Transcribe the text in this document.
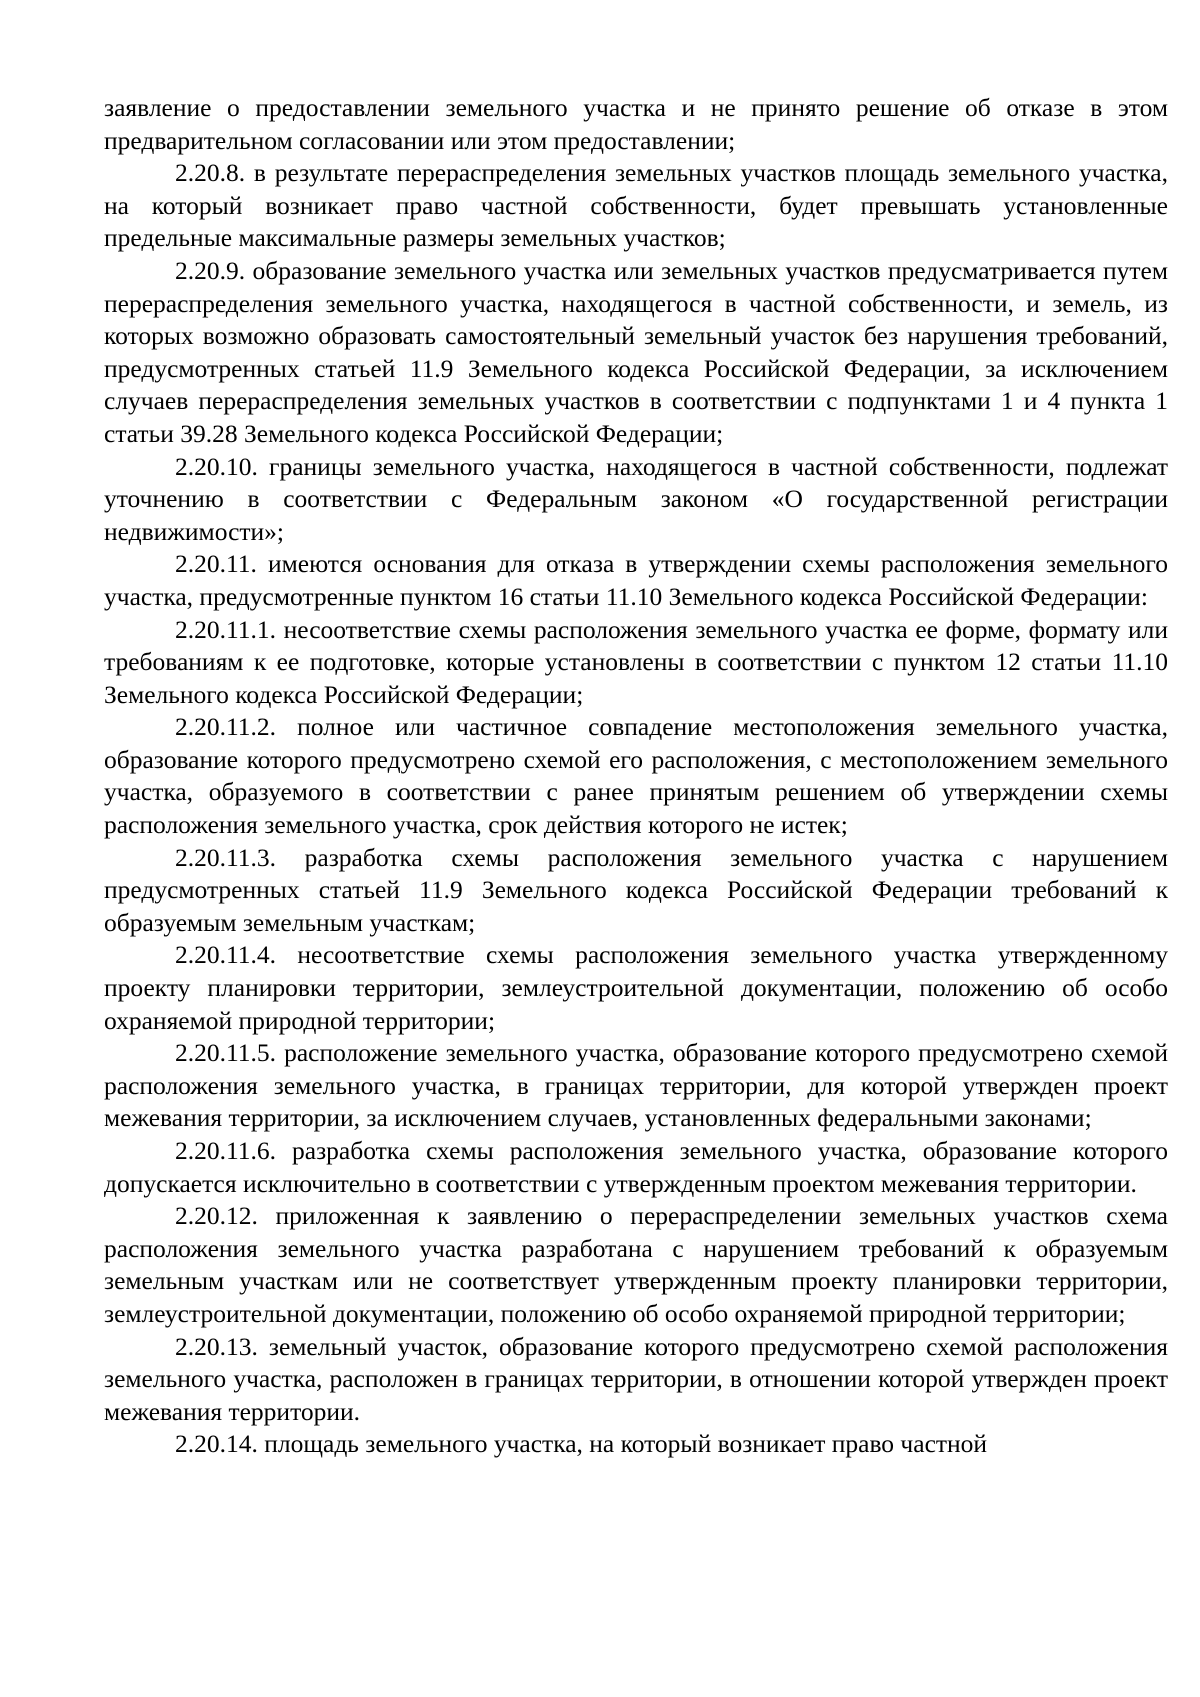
заявление о предоставлении земельного участка и не принято решение об отказе в этом предварительном согласовании или этом предоставлении;

2.20.8. в результате перераспределения земельных участков площадь земельного участка, на который возникает право частной собственности, будет превышать установленные предельные максимальные размеры земельных участков;

2.20.9. образование земельного участка или земельных участков предусматривается путем перераспределения земельного участка, находящегося в частной собственности, и земель, из которых возможно образовать самостоятельный земельный участок без нарушения требований, предусмотренных статьей 11.9 Земельного кодекса Российской Федерации, за исключением случаев перераспределения земельных участков в соответствии с подпунктами 1 и 4 пункта 1 статьи 39.28 Земельного кодекса Российской Федерации;

2.20.10. границы земельного участка, находящегося в частной собственности, подлежат уточнению в соответствии с Федеральным законом «О государственной регистрации недвижимости»;

2.20.11. имеются основания для отказа в утверждении схемы расположения земельного участка, предусмотренные пунктом 16 статьи 11.10 Земельного кодекса Российской Федерации:

2.20.11.1. несоответствие схемы расположения земельного участка ее форме, формату или требованиям к ее подготовке, которые установлены в соответствии с пунктом 12 статьи 11.10 Земельного кодекса Российской Федерации;

2.20.11.2. полное или частичное совпадение местоположения земельного участка, образование которого предусмотрено схемой его расположения, с местоположением земельного участка, образуемого в соответствии с ранее принятым решением об утверждении схемы расположения земельного участка, срок действия которого не истек;

2.20.11.3. разработка схемы расположения земельного участка с нарушением предусмотренных статьей 11.9 Земельного кодекса Российской Федерации требований к образуемым земельным участкам;

2.20.11.4. несоответствие схемы расположения земельного участка утвержденному проекту планировки территории, землеустроительной документации, положению об особо охраняемой природной территории;

2.20.11.5. расположение земельного участка, образование которого предусмотрено схемой расположения земельного участка, в границах территории, для которой утвержден проект межевания территории, за исключением случаев, установленных федеральными законами;

2.20.11.6. разработка схемы расположения земельного участка, образование которого допускается исключительно в соответствии с утвержденным проектом межевания территории.

2.20.12. приложенная к заявлению о перераспределении земельных участков схема расположения земельного участка разработана с нарушением требований к образуемым земельным участкам или не соответствует утвержденным проекту планировки территории, землеустроительной документации, положению об особо охраняемой природной территории;

2.20.13. земельный участок, образование которого предусмотрено схемой расположения земельного участка, расположен в границах территории, в отношении которой утвержден проект межевания территории.

2.20.14. площадь земельного участка, на который возникает право частной
